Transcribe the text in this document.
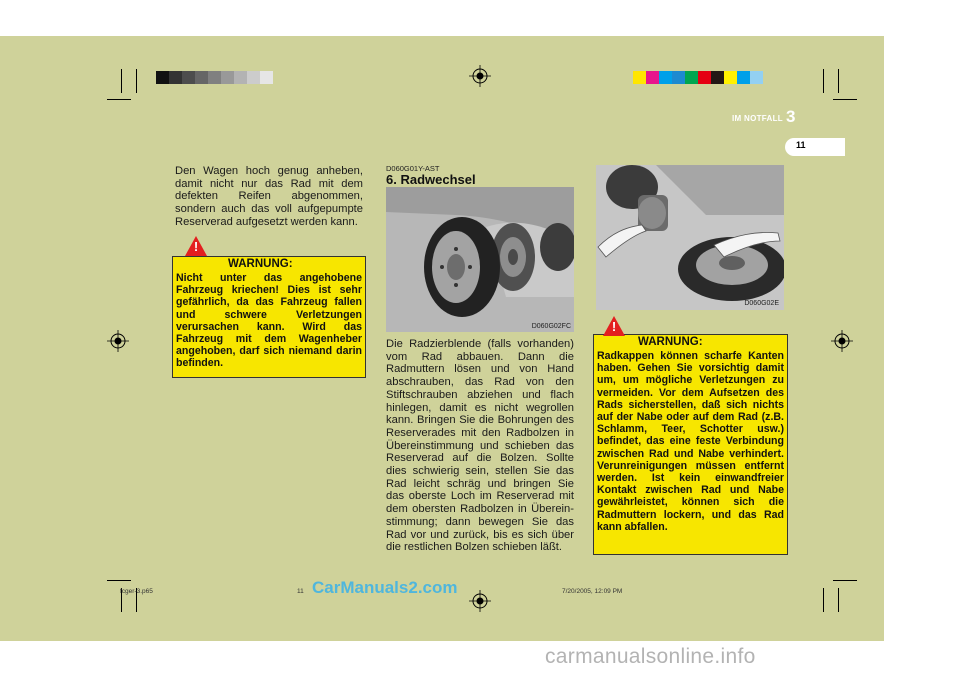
IM NOTFALL 3
11
Den Wagen hoch genug anheben, damit nicht nur das Rad mit dem defekten Reifen abgenommen, sondern auch das voll aufgepumpte Reserverad aufgesetzt werden kann.
!
WARNUNG:
Nicht unter das angehobene Fahrzeug kriechen! Dies ist sehr gefährlich, da das Fahrzeug fallen und schwere Verletzungen verursachen kann. Wird das Fahrzeug mit dem Wagenheber angehoben, darf sich niemand darin befinden.
D060G01Y-AST
6. Radwechsel
D060G02FC
Die Radzierblende (falls vorhanden) vom Rad abbauen. Dann die Radmuttern lösen und von Hand abschrauben, das Rad von den Stiftschrauben abziehen und flach hinlegen, damit es nicht wegrollen kann. Bringen Sie die Bohrungen des Reserverades mit den Radbolzen in Übereinstimmung und schieben das Reserverad auf die Bolzen. Sollte dies schwierig sein, stellen Sie das Rad leicht schräg und bringen Sie das oberste Loch im Reserverad mit dem obersten Radbolzen in Überein-stimmung; dann bewegen Sie das Rad vor und zurück, bis es sich über die restlichen Bolzen schieben läßt.
D060G02E
!
WARNUNG:
Radkappen können scharfe Kanten haben. Gehen Sie vorsichtig damit um, um mögliche Verletzungen zu vermeiden. Vor dem Aufsetzen des Rads sicherstellen, daß sich nichts auf der Nabe oder auf dem Rad (z.B. Schlamm, Teer, Schotter usw.) befindet, das eine feste Verbindung zwischen Rad und Nabe verhindert. Verunreinigungen müssen entfernt werden. Ist kein einwandfreier Kontakt zwischen Rad und Nabe gewährleistet, können sich die Radmuttern lockern, und das Rad kann abfallen.
fcger-3.p65	11	7/20/2005, 12:09 PM
CarManuals2.com
carmanualsonline.info
